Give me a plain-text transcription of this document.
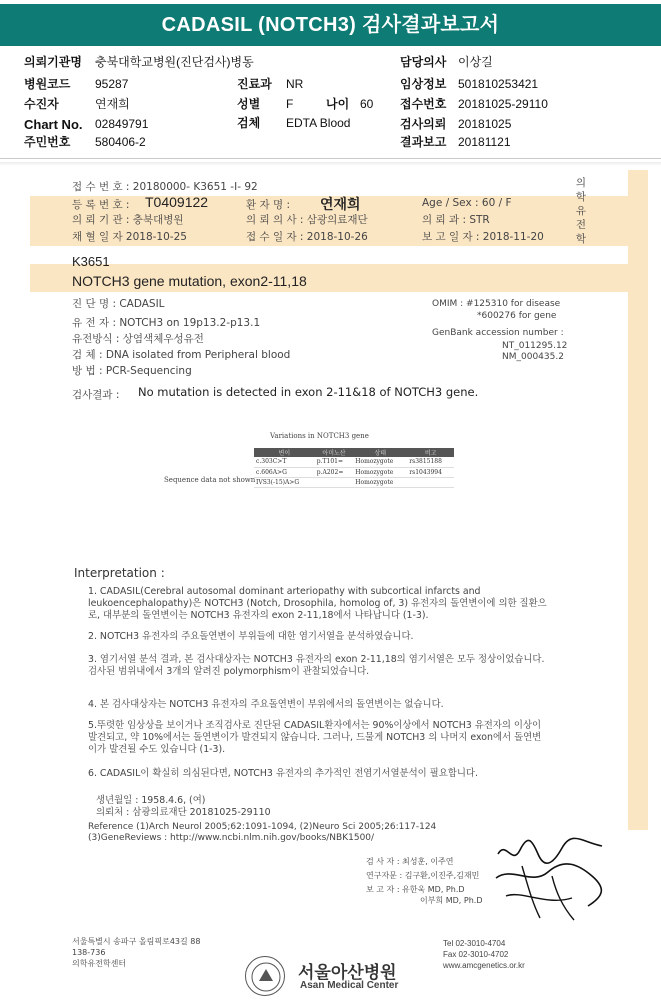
CADASIL (NOTCH3) 검사결과보고서
의뢰기관명 충북대학교병원(진단검사)병동
병원코드 95287
수진자	연재희
Chart No. 02849791
주민번호 580406-2
진료과 NR
성별 F
검체 EDTA Blood
나이 60
담당의사 이상길
임상정보 501810253421
접수번호 20181025-29110
검사의뢰 20181025
결과보고 20181121
접 수 번 호 : 20180000- K3651 -I- 92
등 록 번 호 : T0409122	환 자 명 : 연재희	Age / Sex : 60 / F
의 뢰 기 관 : 충북대병원	의 뢰 의 사 : 삼광의료재단	의 뢰 과 : STR
채 혈 일 자 2018-10-25	접 수 일 자 : 2018-10-26	보 고 일 자 : 2018-11-20
의
학
유
전
학
K3651
NOTCH3 gene mutation, exon2-11,18
진 단 명 : CADASIL
유 전 자 : NOTCH3 on 19p13.2-p13.1
유전방식 : 상염색체우성유전
검 체 : DNA isolated from Peripheral blood
방 법 : PCR-Sequencing
OMIM : #125310 for disease
*600276 for gene
GenBank accession number :
NT_011295.12
NM_000435.2
검사결과 : No mutation is detected in exon 2-11&18 of NOTCH3 gene.
Variations in NOTCH3 gene
Sequence data not shown
변이	아미노산	상태	비고
c.303C>T	p.T101=	Homozygote	rs3815188
c.606A>G	p.A202=	Homozygote	rs1043994
IVS3(-15)A>G		Homozygote	
Interpretation :
1. CADASIL(Cerebral autosomal dominant arteriopathy with subcortical infarcts and leukoencephalopathy)은 NOTCH3 (Notch, Drosophila, homolog of, 3) 유전자의 돌연변이에 의한 질환으로, 대부분의 돌연변이는 NOTCH3 유전자의 exon 2-11,18에서 나타납니다 (1-3).
2. NOTCH3 유전자의 주요돌연변이 부위들에 대한 염기서열을 분석하였습니다.
3. 염기서열 분석 결과, 본 검사대상자는 NOTCH3 유전자의 exon 2-11,18의 염기서열은 모두 정상이었습니다. 검사된 범위내에서 3개의 알려진 polymorphism이 관찰되었습니다.
4. 본 검사대상자는 NOTCH3 유전자의 주요돌연변이 부위에서의 돌연변이는 없습니다.
5.뚜렷한 임상상을 보이거나 조직검사로 진단된 CADASIL환자에서는 90%이상에서 NOTCH3 유전자의 이상이 발견되고, 약 10%에서는 돌연변이가 발견되지 않습니다. 그러나, 드물게 NOTCH3 의 나머지 exon에서 돌연변이가 발견될 수도 있습니다 (1-3).
6. CADASIL이 확실히 의심된다면, NOTCH3 유전자의 추가적인 전염기서열분석이 필요합니다.
생년월일 : 1958.4.6, (여)
의뢰처 : 삼광의료재단 20181025-29110
Reference (1)Arch Neurol 2005;62:1091-1094, (2)Neuro Sci 2005;26:117-124 (3)GeneReviews : http://www.ncbi.nlm.nih.gov/books/NBK1500/
검 사 자 : 최성훈, 이주연
연구자문 : 김구환,이진주,김재민
보 고 자 : 유한욱 MD, Ph.D
이부희 MD, Ph.D
서울특별시 송파구 올림픽로43길 88
138-736
의학유전학센터	서울아산병원
Asan Medical Center
Tel 02-3010-4704
Fax 02-3010-4702
www.amcgenetics.or.kr
